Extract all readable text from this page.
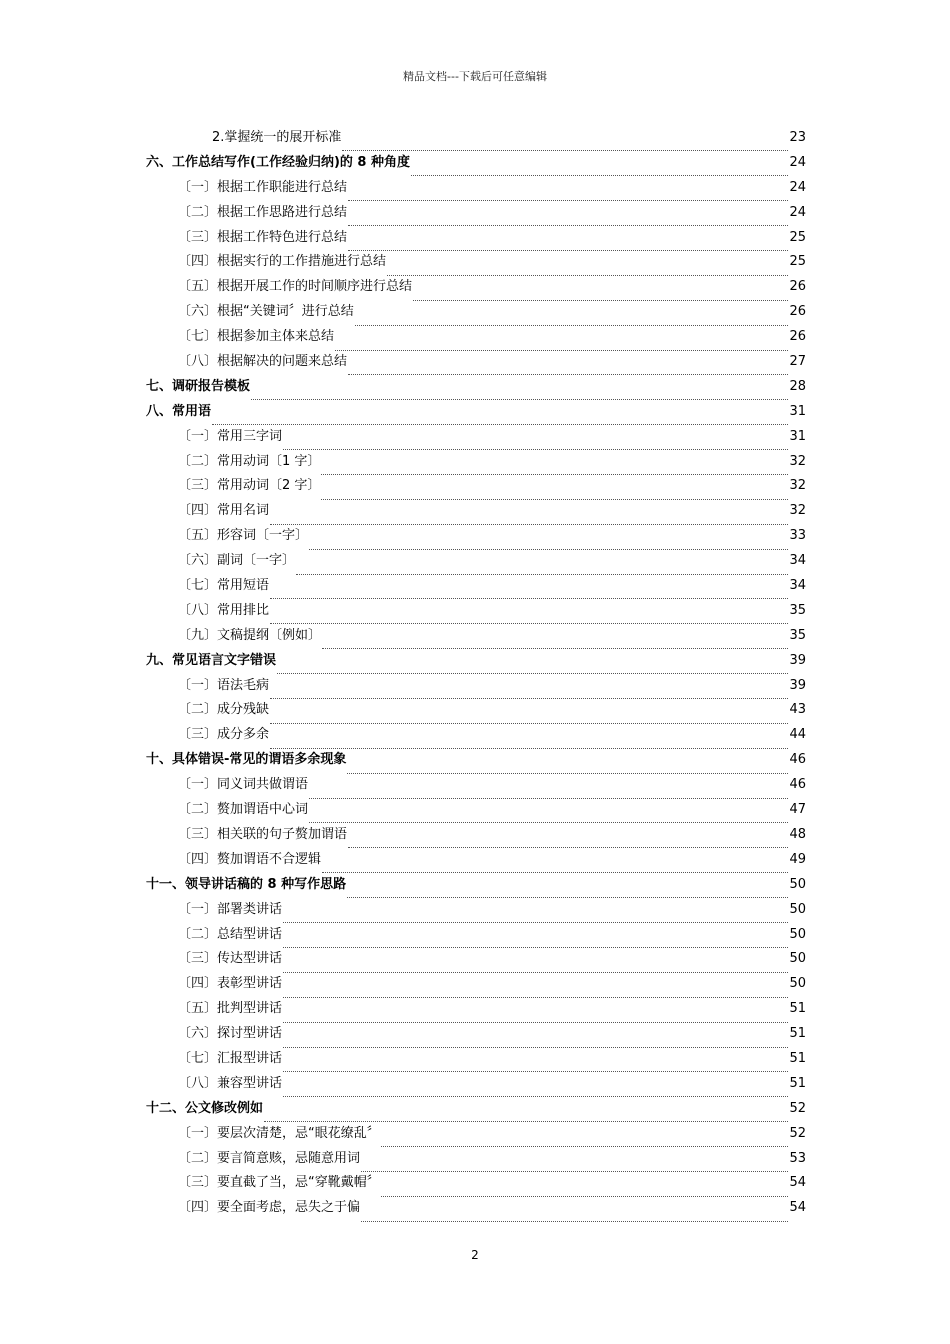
精品文档---下载后可任意编辑
2.掌握统一的展开标准	23
六、工作总结写作(工作经验归纳)的 8 种角度	24
〔一〕根据工作职能进行总结	24
〔二〕根据工作思路进行总结	24
〔三〕根据工作特色进行总结	25
〔四〕根据实行的工作措施进行总结	25
〔五〕根据开展工作的时间顺序进行总结	26
〔六〕根据“关键词〞进行总结	26
〔七〕根据参加主体来总结	26
〔八〕根据解决的问题来总结	27
七、调研报告模板	28
八、常用语	31
〔一〕常用三字词	31
〔二〕常用动词〔1 字〕	32
〔三〕常用动词〔2 字〕	32
〔四〕常用名词	32
〔五〕形容词〔一字〕	33
〔六〕副词〔一字〕	34
〔七〕常用短语	34
〔八〕常用排比	35
〔九〕文稿提纲〔例如〕	35
九、常见语言文字错误	39
〔一〕语法毛病	39
〔二〕成分残缺	43
〔三〕成分多余	44
十、具体错误-常见的谓语多余现象	46
〔一〕同义词共做谓语	46
〔二〕赘加谓语中心词	47
〔三〕相关联的句子赘加谓语	48
〔四〕赘加谓语不合逻辑	49
十一、领导讲话稿的 8 种写作思路	50
〔一〕部署类讲话	50
〔二〕总结型讲话	50
〔三〕传达型讲话	50
〔四〕表彰型讲话	50
〔五〕批判型讲话	51
〔六〕探讨型讲话	51
〔七〕汇报型讲话	51
〔八〕兼容型讲话	51
十二、公文修改例如	52
〔一〕要层次清楚，忌“眼花缭乱〞	52
〔二〕要言简意赅，忌随意用词	53
〔三〕要直截了当，忌“穿靴戴帽〞	54
〔四〕要全面考虑，忌失之于偏	54
2
